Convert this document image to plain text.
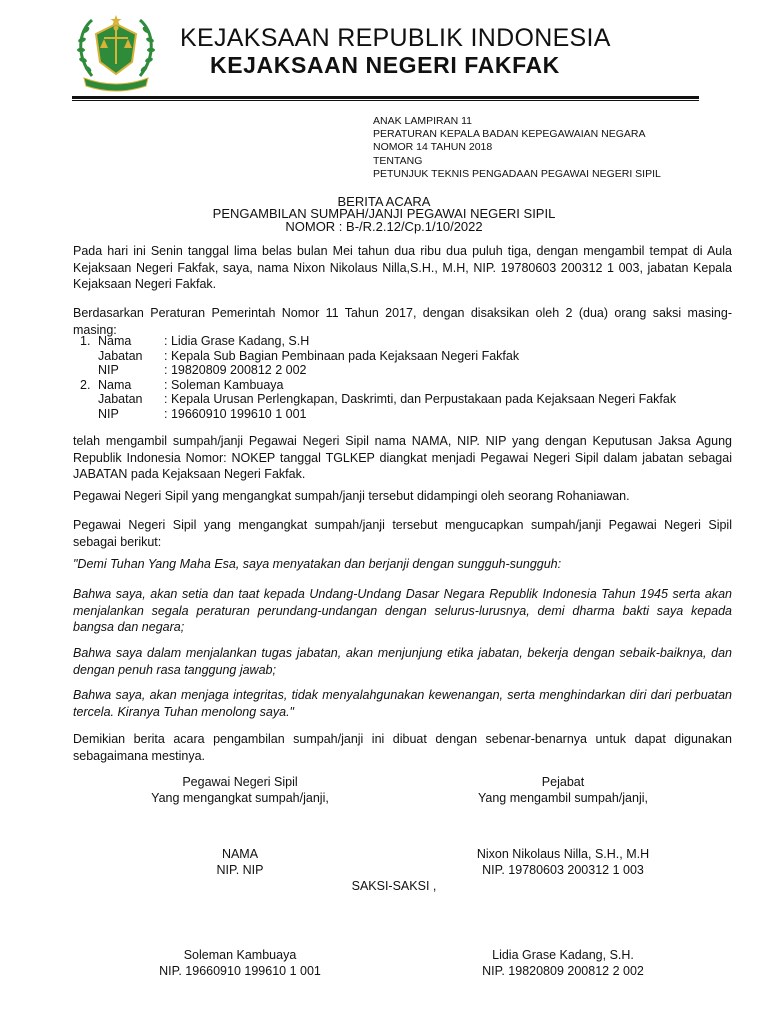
KEJAKSAAN REPUBLIK INDONESIA
KEJAKSAAN NEGERI FAKFAK
ANAK LAMPIRAN 11
PERATURAN KEPALA BADAN KEPEGAWAIAN NEGARA
NOMOR 14 TAHUN 2018
TENTANG
PETUNJUK TEKNIS PENGADAAN PEGAWAI NEGERI SIPIL
BERITA ACARA
PENGAMBILAN SUMPAH/JANJI PEGAWAI NEGERI SIPIL
NOMOR : B-/R.2.12/Cp.1/10/2022
Pada hari ini Senin tanggal lima belas bulan Mei tahun dua ribu dua puluh tiga, dengan mengambil tempat di Aula Kejaksaan Negeri Fakfak, saya, nama Nixon Nikolaus Nilla,S.H., M.H, NIP. 19780603 200312 1 003, jabatan Kepala Kejaksaan Negeri Fakfak.
Berdasarkan Peraturan Pemerintah Nomor 11 Tahun 2017, dengan disaksikan oleh 2 (dua) orang saksi masing-masing:
1. Nama	: Lidia Grase Kadang, S.H
Jabatan	: Kepala Sub Bagian Pembinaan pada Kejaksaan Negeri Fakfak
NIP	: 19820809 200812 2 002
2. Nama	: Soleman Kambuaya
Jabatan	: Kepala Urusan Perlengkapan, Daskrimti, dan Perpustakaan pada Kejaksaan Negeri Fakfak
NIP	: 19660910 199610 1 001
telah mengambil sumpah/janji Pegawai Negeri Sipil nama NAMA, NIP. NIP yang dengan Keputusan Jaksa Agung Republik Indonesia Nomor: NOKEP tanggal TGLKEP diangkat menjadi Pegawai Negeri Sipil dalam jabatan sebagai JABATAN pada Kejaksaan Negeri Fakfak.
Pegawai Negeri Sipil yang mengangkat sumpah/janji tersebut didampingi oleh seorang Rohaniawan.
Pegawai Negeri Sipil yang mengangkat sumpah/janji tersebut mengucapkan sumpah/janji Pegawai Negeri Sipil sebagai berikut:
"Demi Tuhan Yang Maha Esa, saya menyatakan dan berjanji dengan sungguh-sungguh:
Bahwa saya, akan setia dan taat kepada Undang-Undang Dasar Negara Republik Indonesia Tahun 1945 serta akan menjalankan segala peraturan perundang-undangan dengan selurus-lurusnya, demi dharma bakti saya kepada bangsa dan negara;
Bahwa saya dalam menjalankan tugas jabatan, akan menjunjung etika jabatan, bekerja dengan sebaik-baiknya, dan dengan penuh rasa tanggung jawab;
Bahwa saya, akan menjaga integritas, tidak menyalahgunakan kewenangan, serta menghindarkan diri dari perbuatan tercela. Kiranya Tuhan menolong saya."
Demikian berita acara pengambilan sumpah/janji ini dibuat dengan sebenar-benarnya untuk dapat digunakan sebagaimana mestinya.
Pegawai Negeri Sipil
Yang mengangkat sumpah/janji,
Pejabat
Yang mengambil sumpah/janji,
NAMA
NIP. NIP
Nixon Nikolaus Nilla, S.H., M.H
NIP. 19780603 200312 1 003
SAKSI-SAKSI ,
Soleman Kambuaya
NIP. 19660910 199610 1 001
Lidia Grase Kadang, S.H.
NIP. 19820809 200812 2 002
